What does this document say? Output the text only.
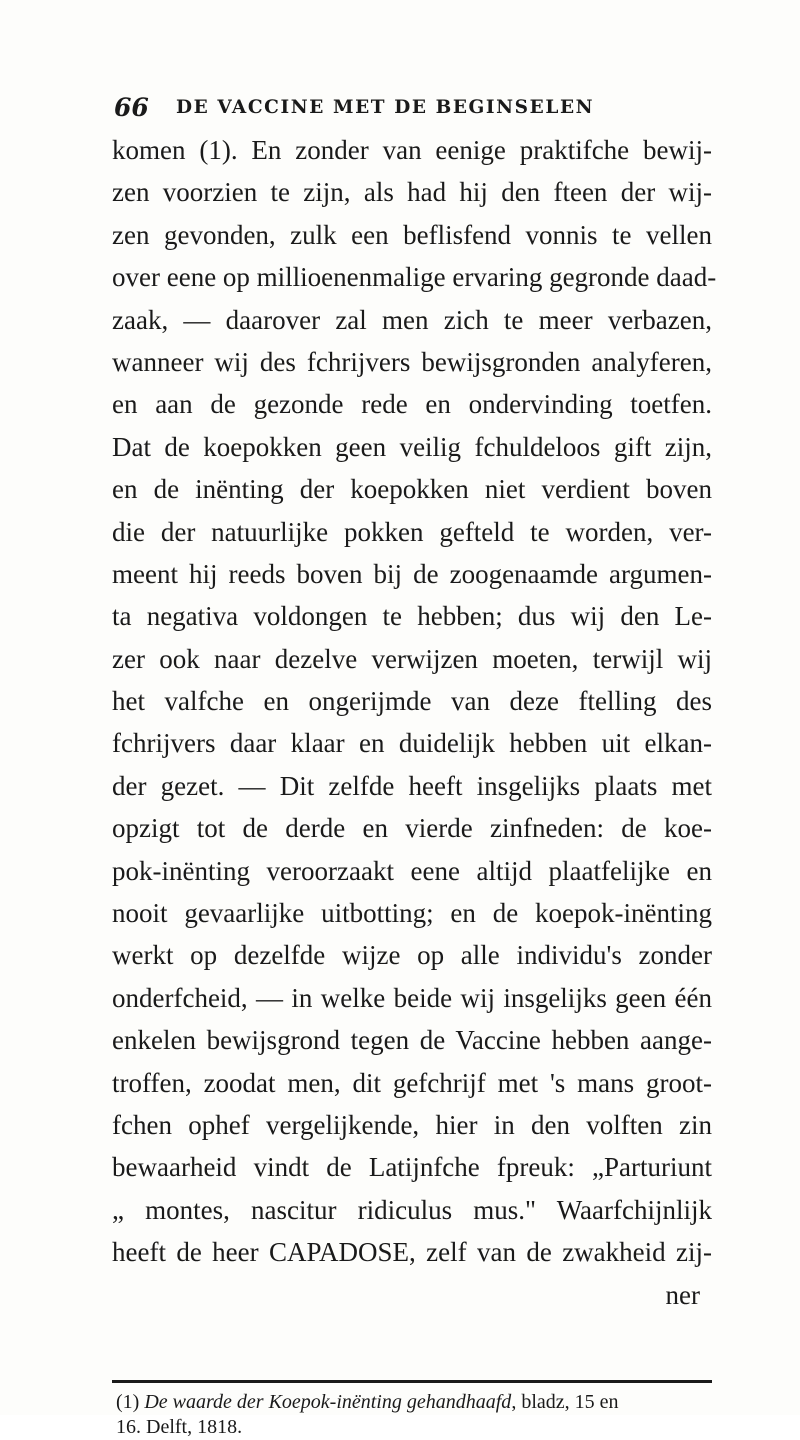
66 DE VACCINE MET DE BEGINSELEN
komen (1). En zonder van eenige praktifche bewij-
zen voorzien te zijn, als had hij den fteen der wij-
zen gevonden, zulk een beflisfend vonnis te vellen
over eene op millioenenmalige ervaring gegronde daad-
zaak, — daarover zal men zich te meer verbazen,
wanneer wij des fchrijvers bewijsgronden analyferen,
en aan de gezonde rede en ondervinding toetfen.
Dat de koepokken geen veilig fchuldeloos gift zijn,
en de inënting der koepokken niet verdient boven
die der natuurlijke pokken gefteld te worden, ver-
meent hij reeds boven bij de zoogenaamde argumen-
ta negativa voldongen te hebben; dus wij den Le-
zer ook naar dezelve verwijzen moeten, terwijl wij
het valfche en ongerijmde van deze ftelling des
fchrijvers daar klaar en duidelijk hebben uit elkan-
der gezet. — Dit zelfde heeft insgelijks plaats met
opzigt tot de derde en vierde zinfneden: de koe-
pok-inënting veroorzaakt eene altijd plaatfelijke en
nooit gevaarlijke uitbotting; en de koepok-inënting
werkt op dezelfde wijze op alle individu's zonder
onderfcheid, — in welke beide wij insgelijks geen één
enkelen bewijsgrond tegen de Vaccine hebben aange-
troffen, zoodat men, dit gefchrijf met 's mans groot-
fchen ophef vergelijkende, hier in den volften zin
bewaarheid vindt de Latijnfche fpreuk: „Parturiunt
„ montes, nascitur ridiculus mus." Waarfchijnlijk
heeft de heer CAPADOSE, zelf van de zwakheid zij-
ner
(1) De waarde der Koepok-inënting gehandhaafd, bladz, 15 en
16. Delft, 1818.
